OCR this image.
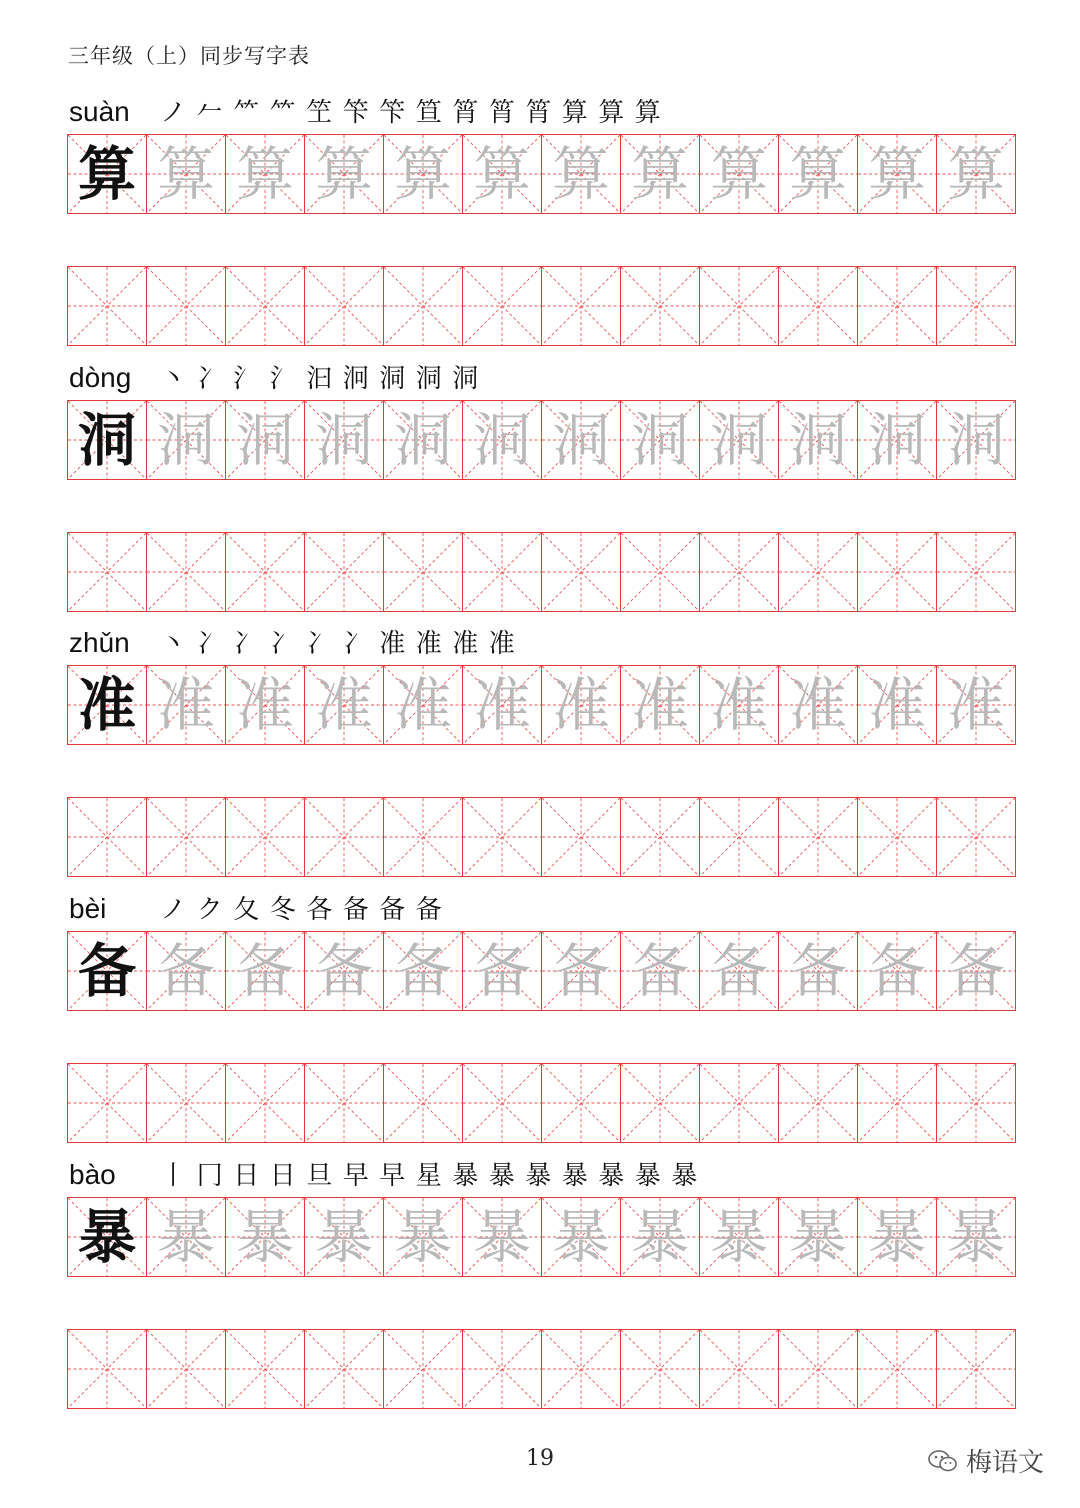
三年级（上）同步写字表
suàn ノ 𠂉 ⺮ ⺮ 笁 笇 笇 笪 筲 筲 筲 算 算 算
算 算 算 算 算 算 算 算 算 算 算 算
dòng 丶 冫 氵 氵 汩 泂 洞 洞 洞
洞 洞 洞 洞 洞 洞 洞 洞 洞 洞 洞 洞
zhǔn 丶 冫 冫 冫 冫 冫 准 准 准 准
准 准 准 准 准 准 准 准 准 准 准 准
bèi ノ ク 夂 冬 各 备 备 备
备 备 备 备 备 备 备 备 备 备 备 备
bào 丨 冂 日 日 旦 早 早 星 暴 暴 暴 暴 暴 暴 暴
暴 暴 暴 暴 暴 暴 暴 暴 暴 暴 暴 暴
19	梅语文
